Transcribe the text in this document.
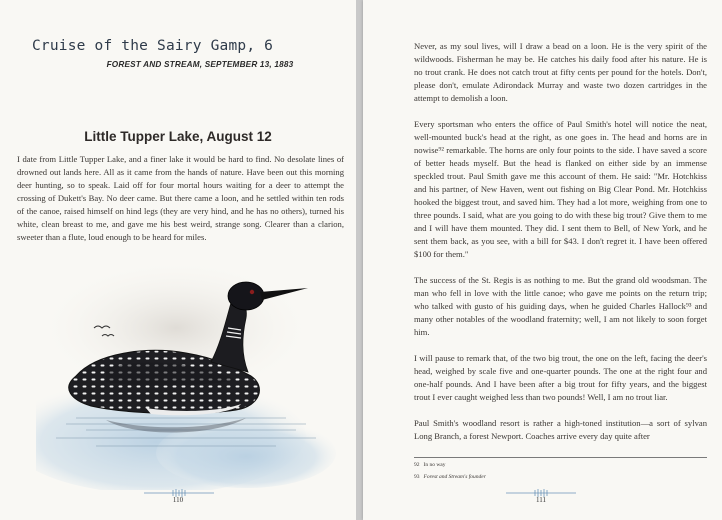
Cruise of the Sairy Gamp, 6
FOREST AND STREAM, SEPTEMBER 13, 1883
Little Tupper Lake, August 12

I date from Little Tupper Lake, and a finer lake it would be hard to find. No desolate lines of drowned out lands here. All as it came from the hands of nature. Have been out this morning deer hunting, so to speak. Laid off for four mortal hours waiting for a deer to attempt the crossing of Dukett's Bay. No deer came. But there came a loon, and he settled within ten rods of the canoe, raised himself on hind legs (they are very hind, and he has no others), turned his white, clean breast to me, and gave me his best weird, strange song. Clearer than a clarion, sweeter than a flute, loud enough to be heard for miles.

110

Never, as my soul lives, will I draw a bead on a loon. He is the very spirit of the wildwoods. Fisherman he may be. He catches his daily food after his nature. He is no trout crank. He does not catch trout at fifty cents per pound for the hotels. Don't, please don't, emulate Adirondack Murray and waste two dozen cartridges in the attempt to demolish a loon.

Every sportsman who enters the office of Paul Smith's hotel will notice the neat, well-mounted buck's head at the right, as one goes in. The head and horns are in nowise⁹² remarkable. The horns are only four points to the side. I have saved a score of better heads myself. But the head is flanked on either side by an immense speckled trout. Paul Smith gave me this account of them. He said: "Mr. Hotchkiss and his partner, of New Haven, went out fishing on Big Clear Pond. Mr. Hotchkiss hooked the biggest trout, and saved him. They had a lot more, weighing from one to three pounds. I said, what are you going to do with these big trout? Give them to me and I will have them mounted. They did. I sent them to Bell, of New York, and he sent them back, as you see, with a bill for $43. I don't regret it. I have been offered $100 for them."

The success of the St. Regis is as nothing to me. But the grand old woodsman. The man who fell in love with the little canoe; who gave me points on the return trip; who talked with gusto of his guiding days, when he guided Charles Hallock⁹³ and many other notables of the woodland fraternity; well, I am not likely to soon forget him.

I will pause to remark that, of the two big trout, the one on the left, facing the deer's head, weighed by scale five and one-quarter pounds. The one at the right four and one-half pounds. And I have been after a big trout for fifty years, and the biggest trout I ever caught weighed less than two pounds! Well, I am no trout liar.

Paul Smith's woodland resort is rather a high-toned institution—a sort of sylvan Long Branch, a forest Newport. Coaches arrive every day quite after

92 In no way
93 Forest and Stream's founder
111
